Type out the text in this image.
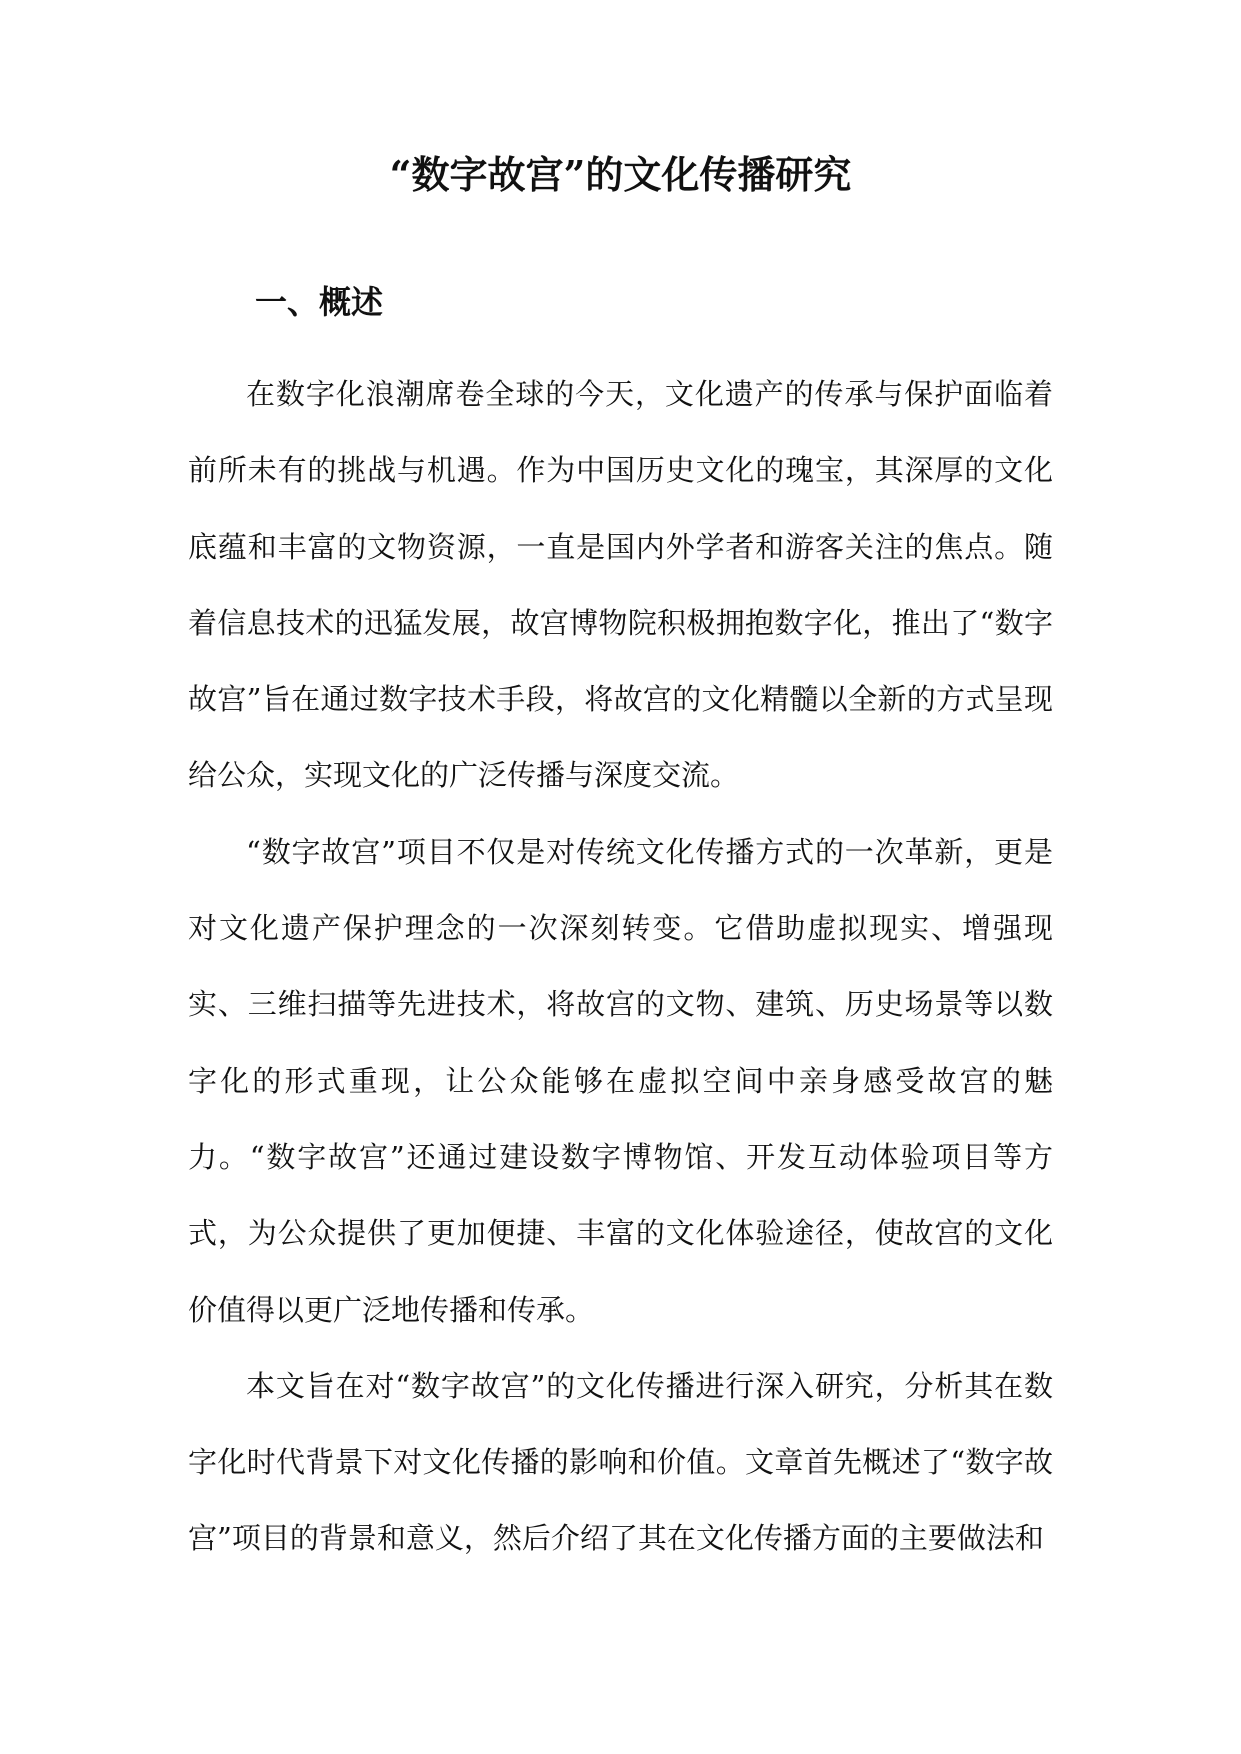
“数字故宫”的文化传播研究
一、概述

在数字化浪潮席卷全球的今天，文化遗产的传承与保护面临着前所未有的挑战与机遇。作为中国历史文化的瑰宝，其深厚的文化底蕴和丰富的文物资源，一直是国内外学者和游客关注的焦点。随着信息技术的迅猛发展，故宫博物院积极拥抱数字化，推出了“数字故宫”旨在通过数字技术手段，将故宫的文化精髓以全新的方式呈现给公众，实现文化的广泛传播与深度交流。

“数字故宫”项目不仅是对传统文化传播方式的一次革新，更是对文化遗产保护理念的一次深刻转变。它借助虚拟现实、增强现实、三维扫描等先进技术，将故宫的文物、建筑、历史场景等以数字化的形式重现，让公众能够在虚拟空间中亲身感受故宫的魅力。“数字故宫”还通过建设数字博物馆、开发互动体验项目等方式，为公众提供了更加便捷、丰富的文化体验途径，使故宫的文化价值得以更广泛地传播和传承。

本文旨在对“数字故宫”的文化传播进行深入研究，分析其在数字化时代背景下对文化传播的影响和价值。文章首先概述了“数字故宫”项目的背景和意义，然后介绍了其在文化传播方面的主要做法和
